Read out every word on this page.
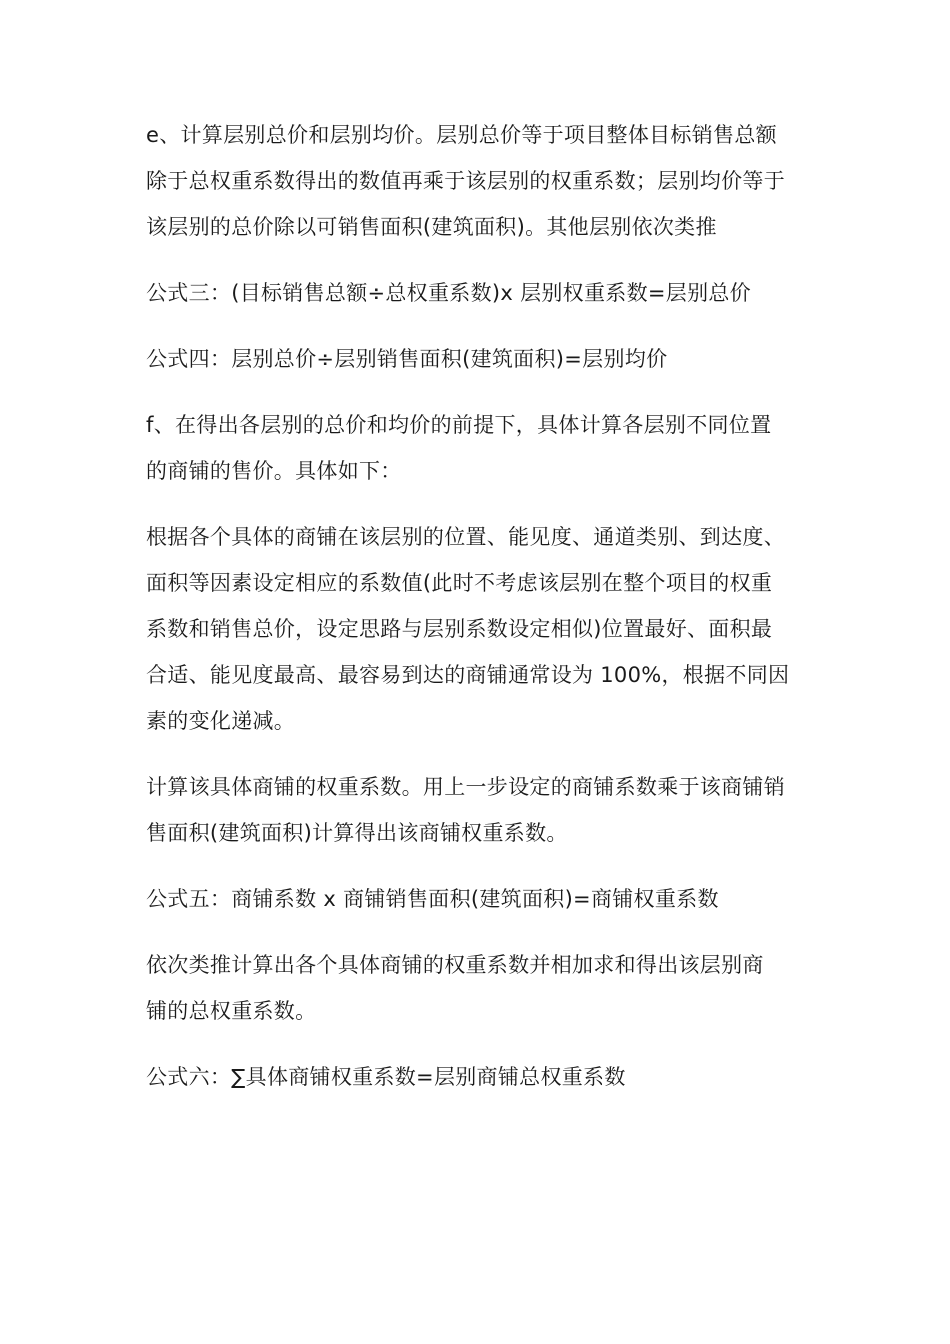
e、计算层别总价和层别均价。层别总价等于项目整体目标销售总额
除于总权重系数得出的数值再乘于该层别的权重系数；层别均价等于
该层别的总价除以可销售面积(建筑面积)。其他层别依次类推

公式三：(目标销售总额÷总权重系数)x 层别权重系数=层别总价

公式四：层别总价÷层别销售面积(建筑面积)=层别均价

f、在得出各层别的总价和均价的前提下，具体计算各层别不同位置
的商铺的售价。具体如下：

根据各个具体的商铺在该层别的位置、能见度、通道类别、到达度、
面积等因素设定相应的系数值(此时不考虑该层别在整个项目的权重
系数和销售总价，设定思路与层别系数设定相似)位置最好、面积最
合适、能见度最高、最容易到达的商铺通常设为 100%，根据不同因
素的变化递减。

计算该具体商铺的权重系数。用上一步设定的商铺系数乘于该商铺销
售面积(建筑面积)计算得出该商铺权重系数。

公式五：商铺系数 x 商铺销售面积(建筑面积)=商铺权重系数

依次类推计算出各个具体商铺的权重系数并相加求和得出该层别商
铺的总权重系数。

公式六：∑具体商铺权重系数=层别商铺总权重系数
